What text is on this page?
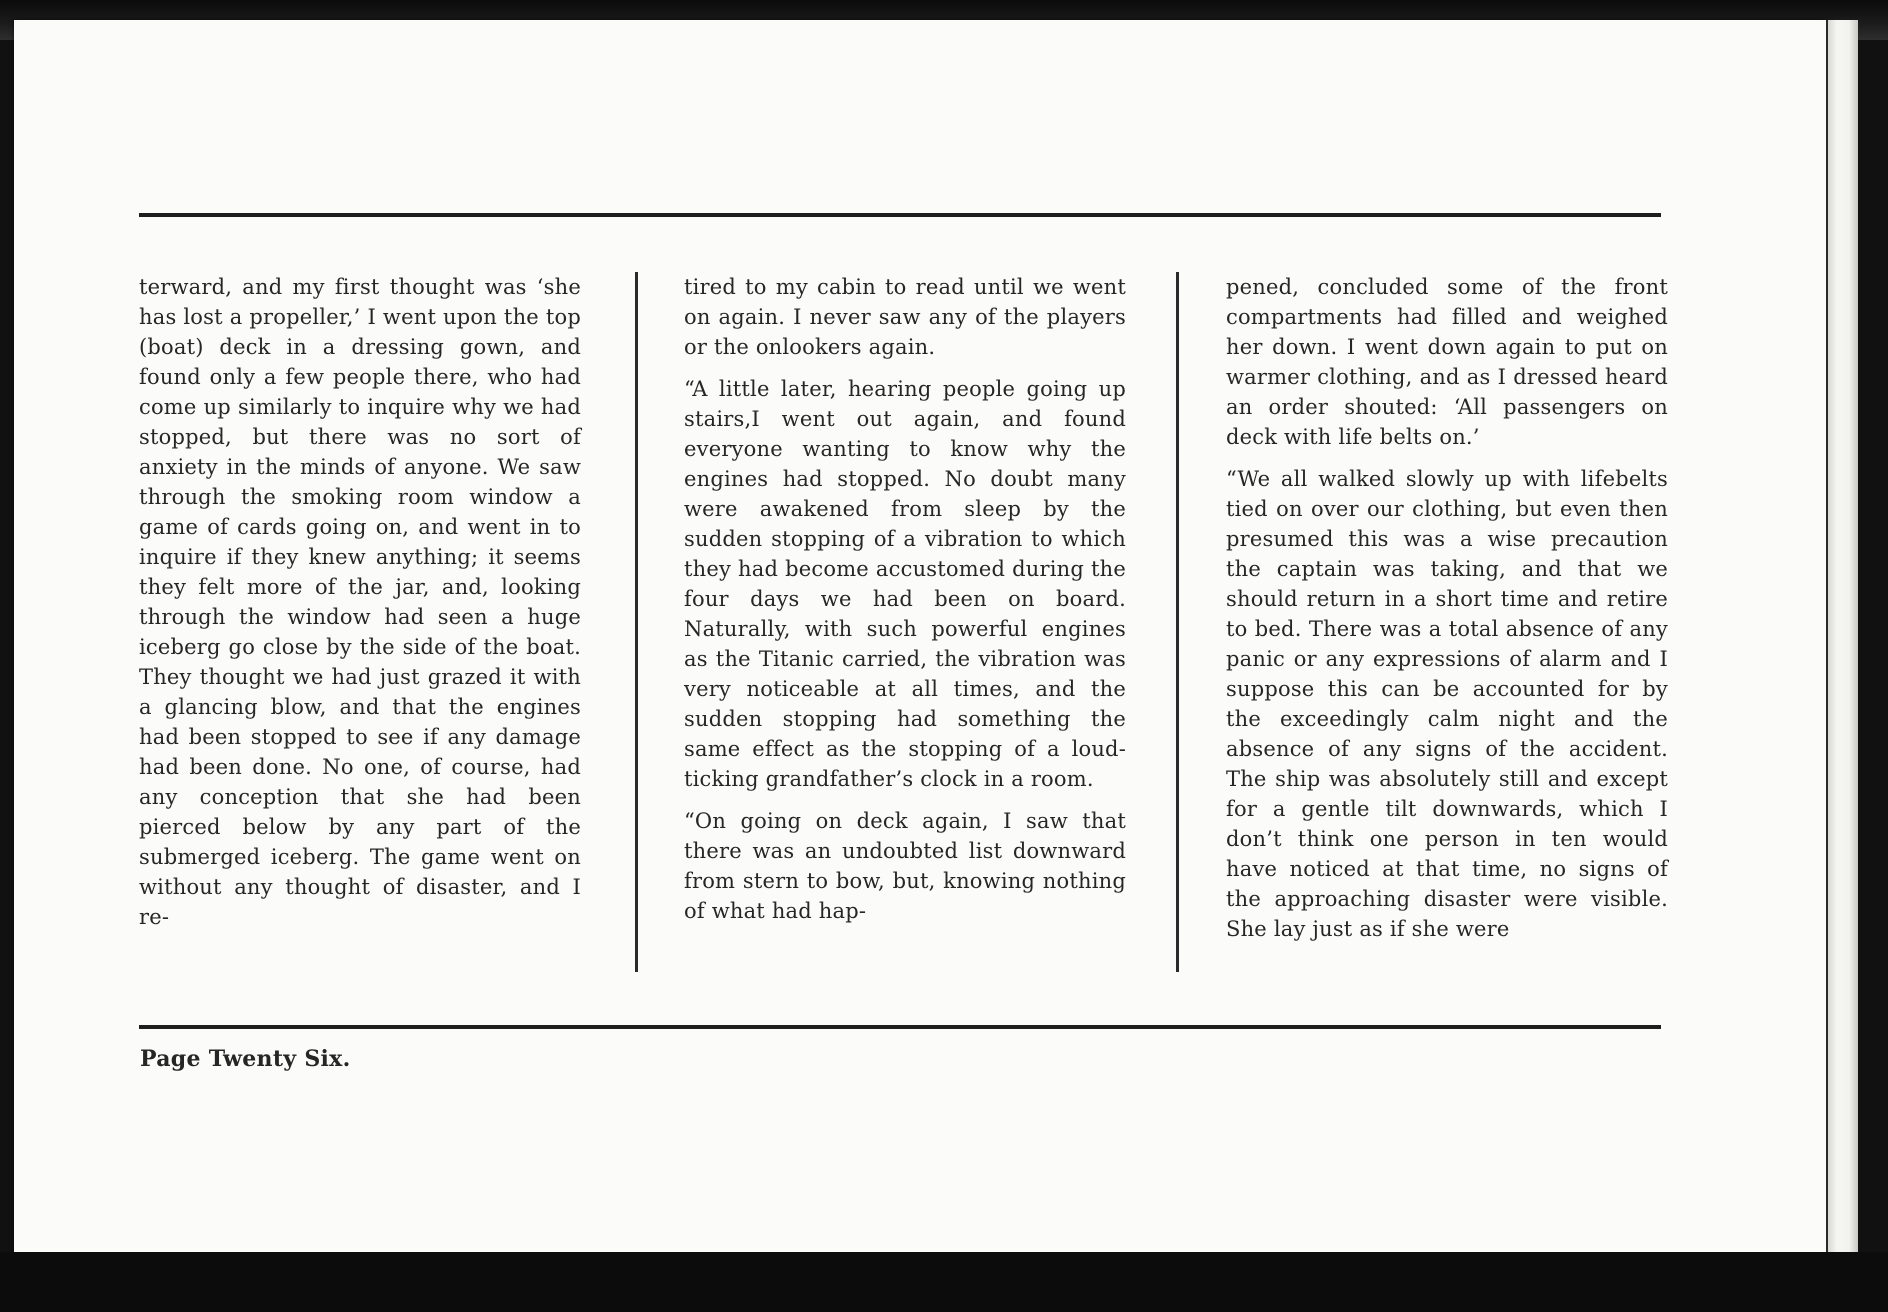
terward, and my first thought was ‘she has lost a propeller,’ I went upon the top (boat) deck in a dressing gown, and found only a few people there, who had come up similarly to inquire why we had stopped, but there was no sort of anxiety in the minds of anyone. We saw through the smoking room window a game of cards going on, and went in to inquire if they knew anything; it seems they felt more of the jar, and, looking through the window had seen a huge iceberg go close by the side of the boat. They thought we had just grazed it with a glancing blow, and that the engines had been stopped to see if any damage had been done. No one, of course, had any conception that she had been pierced below by any part of the submerged iceberg. The game went on without any thought of disaster, and I re-

tired to my cabin to read until we went on again. I never saw any of the players or the onlookers again.

“A little later, hearing people going up stairs,I went out again, and found everyone wanting to know why the engines had stopped. No doubt many were awakened from sleep by the sudden stopping of a vibration to which they had become accustomed during the four days we had been on board. Naturally, with such powerful engines as the Titanic carried, the vibration was very noticeable at all times, and the sudden stopping had something the same effect as the stopping of a loud-ticking grandfather’s clock in a room.

“On going on deck again, I saw that there was an undoubted list downward from stern to bow, but, knowing nothing of what had hap-

pened, concluded some of the front compartments had filled and weighed her down. I went down again to put on warmer clothing, and as I dressed heard an order shouted: ‘All passengers on deck with life belts on.’

“We all walked slowly up with lifebelts tied on over our clothing, but even then presumed this was a wise precaution the captain was taking, and that we should return in a short time and retire to bed. There was a total absence of any panic or any expressions of alarm and I suppose this can be accounted for by the exceedingly calm night and the absence of any signs of the accident. The ship was absolutely still and except for a gentle tilt downwards, which I don’t think one person in ten would have noticed at that time, no signs of the approaching disaster were visible. She lay just as if she were

Page Twenty Six.
